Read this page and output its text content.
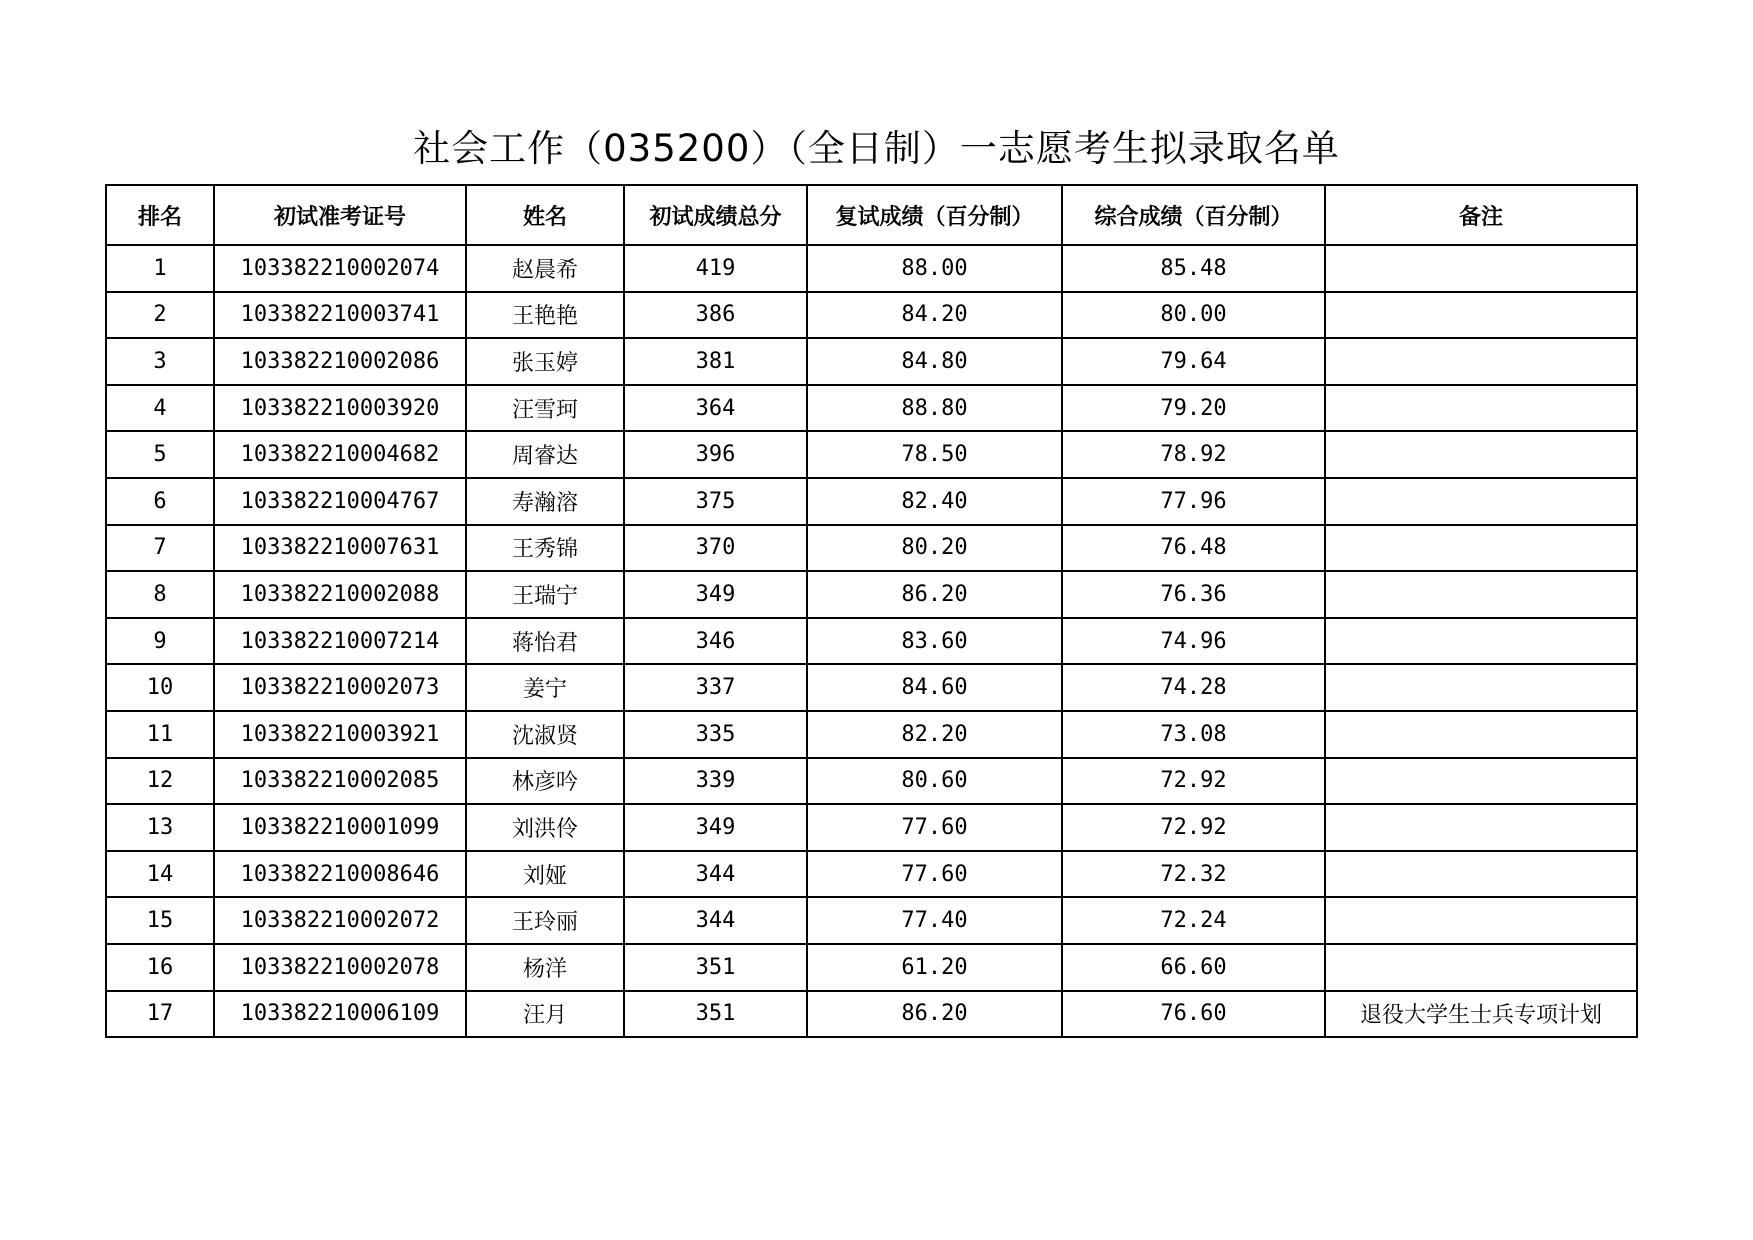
社会工作（035200）（全日制）一志愿考生拟录取名单
排名	初试准考证号	姓名	初试成绩总分	复试成绩（百分制）	综合成绩（百分制）	备注
1	103382210002074	赵晨希	419	88.00	85.48	
2	103382210003741	王艳艳	386	84.20	80.00	
3	103382210002086	张玉婷	381	84.80	79.64	
4	103382210003920	汪雪珂	364	88.80	79.20	
5	103382210004682	周睿达	396	78.50	78.92	
6	103382210004767	寿瀚溶	375	82.40	77.96	
7	103382210007631	王秀锦	370	80.20	76.48	
8	103382210002088	王瑞宁	349	86.20	76.36	
9	103382210007214	蒋怡君	346	83.60	74.96	
10	103382210002073	姜宁	337	84.60	74.28	
11	103382210003921	沈淑贤	335	82.20	73.08	
12	103382210002085	林彦吟	339	80.60	72.92	
13	103382210001099	刘洪伶	349	77.60	72.92	
14	103382210008646	刘娅	344	77.60	72.32	
15	103382210002072	王玲丽	344	77.40	72.24	
16	103382210002078	杨洋	351	61.20	66.60	
17	103382210006109	汪月	351	86.20	76.60	退役大学生士兵专项计划
